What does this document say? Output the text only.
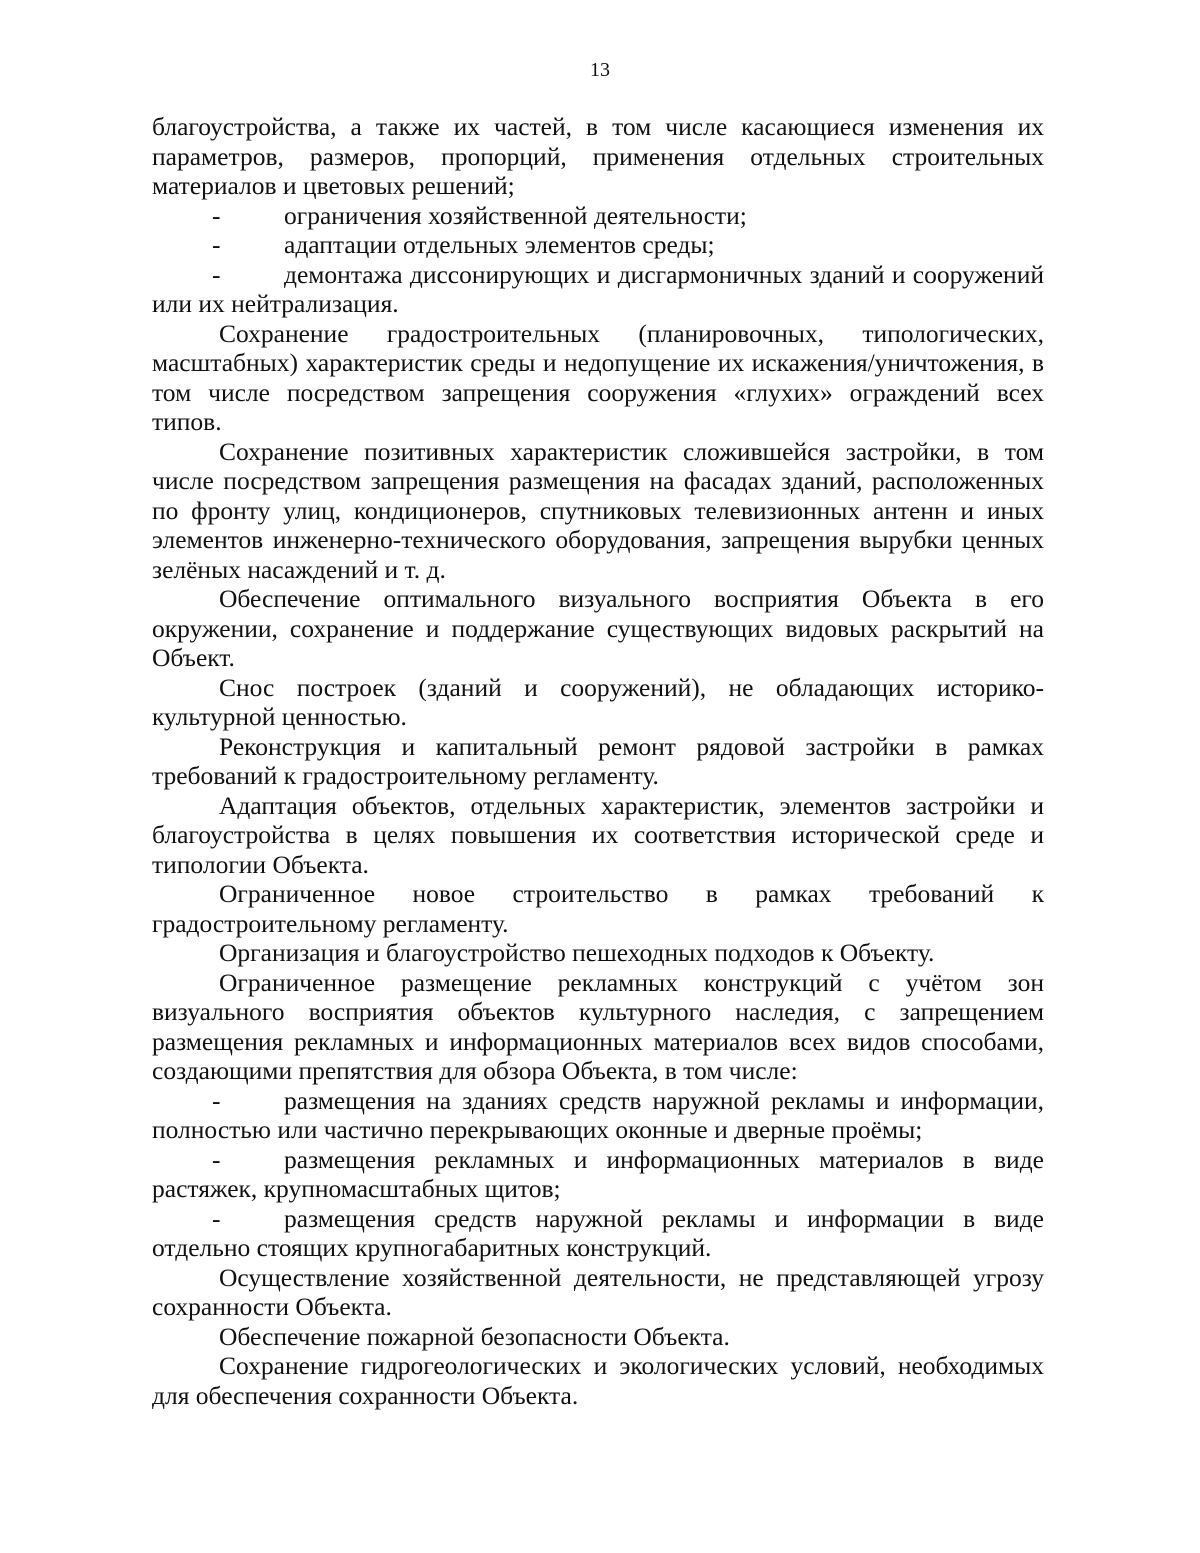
13

благоустройства, а также их частей, в том числе касающиеся изменения их параметров, размеров, пропорций, применения отдельных строительных материалов и цветовых решений;

- ограничения хозяйственной деятельности;

- адаптации отдельных элементов среды;

- демонтажа диссонирующих и дисгармоничных зданий и сооружений или их нейтрализация.

Сохранение градостроительных (планировочных, типологических, масштабных) характеристик среды и недопущение их искажения/уничтожения, в том числе посредством запрещения сооружения «глухих» ограждений всех типов.

Сохранение позитивных характеристик сложившейся застройки, в том числе посредством запрещения размещения на фасадах зданий, расположенных по фронту улиц, кондиционеров, спутниковых телевизионных антенн и иных элементов инженерно-технического оборудования, запрещения вырубки ценных зелёных насаждений и т. д.

Обеспечение оптимального визуального восприятия Объекта в его окружении, сохранение и поддержание существующих видовых раскрытий на Объект.

Снос построек (зданий и сооружений), не обладающих историко-культурной ценностью.

Реконструкция и капитальный ремонт рядовой застройки в рамках требований к градостроительному регламенту.

Адаптация объектов, отдельных характеристик, элементов застройки и благоустройства в целях повышения их соответствия исторической среде и типологии Объекта.

Ограниченное новое строительство в рамках требований к градостроительному регламенту.

Организация и благоустройство пешеходных подходов к Объекту.

Ограниченное размещение рекламных конструкций с учётом зон визуального восприятия объектов культурного наследия, с запрещением размещения рекламных и информационных материалов всех видов способами, создающими препятствия для обзора Объекта, в том числе:

- размещения на зданиях средств наружной рекламы и информации, полностью или частично перекрывающих оконные и дверные проёмы;

- размещения рекламных и информационных материалов в виде растяжек, крупномасштабных щитов;

- размещения средств наружной рекламы и информации в виде отдельно стоящих крупногабаритных конструкций.

Осуществление хозяйственной деятельности, не представляющей угрозу сохранности Объекта.

Обеспечение пожарной безопасности Объекта.

Сохранение гидрогеологических и экологических условий, необходимых для обеспечения сохранности Объекта.
